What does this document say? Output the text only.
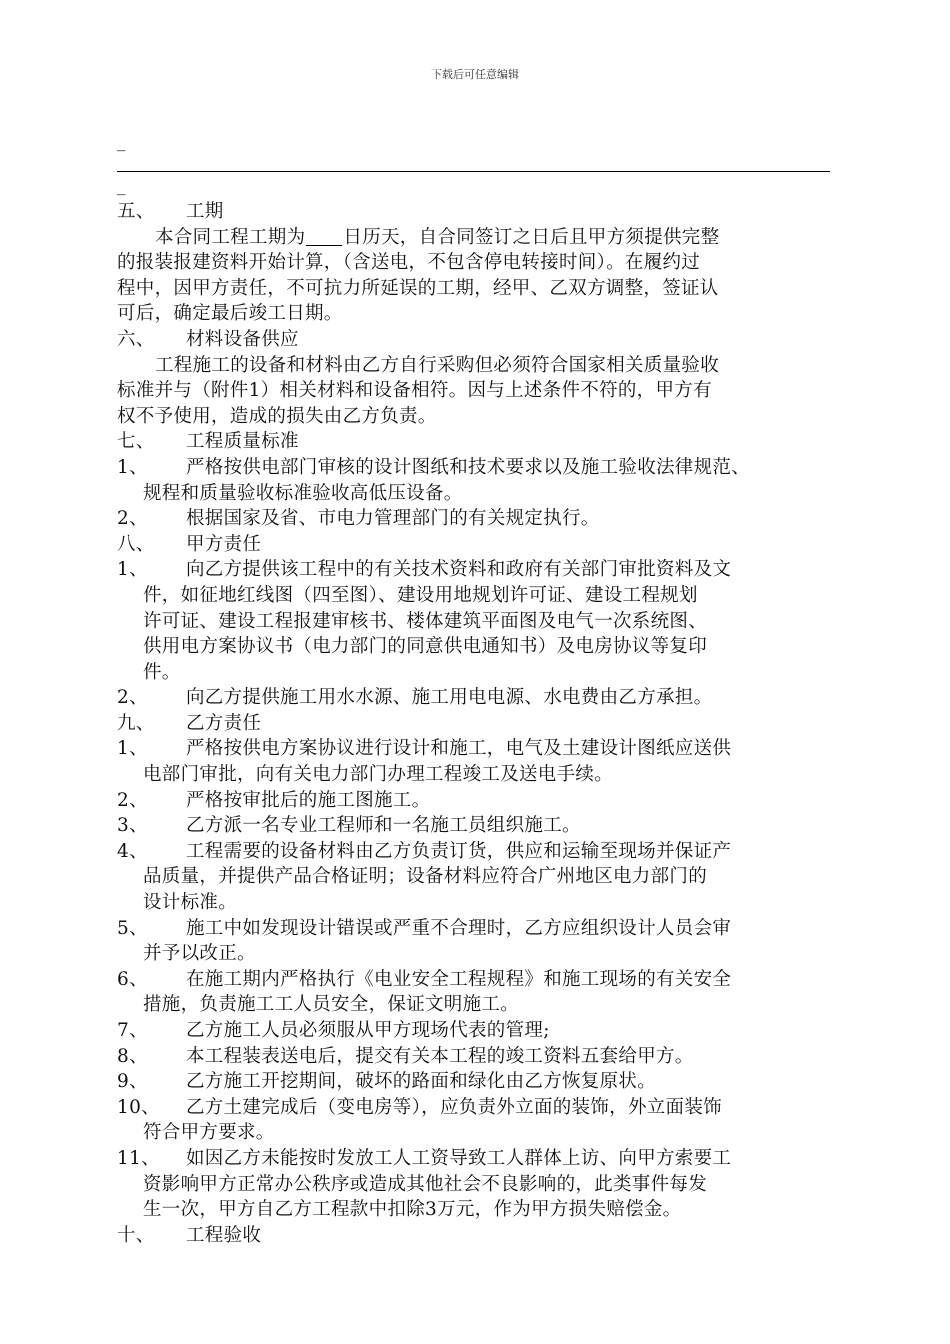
下载后可任意编辑
_
_
五、 工期
本合同工程工期为 日历天，自合同签订之日后且甲方须提供完整
的报装报建资料开始计算，（含送电，不包含停电转接时间）。在履约过
程中，因甲方责任，不可抗力所延误的工期，经甲、乙双方调整，签证认
可后，确定最后竣工日期。
六、 材料设备供应
工程施工的设备和材料由乙方自行采购但必须符合国家相关质量验收
标准并与（附件1）相关材料和设备相符。因与上述条件不符的，甲方有
权不予使用，造成的损失由乙方负责。
七、 工程质量标准
1、 严格按供电部门审核的设计图纸和技术要求以及施工验收法律规范、
规程和质量验收标准验收高低压设备。
2、 根据国家及省、市电力管理部门的有关规定执行。
八、 甲方责任
1、 向乙方提供该工程中的有关技术资料和政府有关部门审批资料及文
件，如征地红线图（四至图）、建设用地规划许可证、建设工程规划
许可证、建设工程报建审核书、楼体建筑平面图及电气一次系统图、
供用电方案协议书（电力部门的同意供电通知书）及电房协议等复印
件。
2、 向乙方提供施工用水水源、施工用电电源、水电费由乙方承担。
九、 乙方责任
1、 严格按供电方案协议进行设计和施工，电气及土建设计图纸应送供
电部门审批，向有关电力部门办理工程竣工及送电手续。
2、 严格按审批后的施工图施工。
3、 乙方派一名专业工程师和一名施工员组织施工。
4、 工程需要的设备材料由乙方负责订货，供应和运输至现场并保证产
品质量，并提供产品合格证明；设备材料应符合广州地区电力部门的
设计标准。
5、 施工中如发现设计错误或严重不合理时，乙方应组织设计人员会审
并予以改正。
6、 在施工期内严格执行《电业安全工程规程》和施工现场的有关安全
措施，负责施工工人员安全，保证文明施工。
7、 乙方施工人员必须服从甲方现场代表的管理;
8、 本工程装表送电后，提交有关本工程的竣工资料五套给甲方。
9、 乙方施工开挖期间，破坏的路面和绿化由乙方恢复原状。
10、 乙方土建完成后（变电房等），应负责外立面的装饰，外立面装饰
符合甲方要求。
11、 如因乙方未能按时发放工人工资导致工人群体上访、向甲方索要工
资影响甲方正常办公秩序或造成其他社会不良影响的，此类事件每发
生一次，甲方自乙方工程款中扣除3万元，作为甲方损失赔偿金。
十、 工程验收
